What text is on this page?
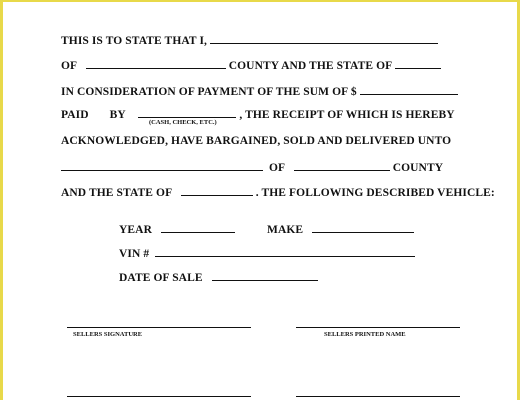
THIS IS TO STATE THAT I,
OF	COUNTY AND THE STATE OF
IN CONSIDERATION OF PAYMENT OF THE SUM OF $
PAID BY	, THE RECEIPT OF WHICH IS HEREBY
(CASH, CHECK, ETC.)
ACKNOWLEDGED, HAVE BARGAINED, SOLD AND DELIVERED UNTO
OF	COUNTY
AND THE STATE OF	. THE FOLLOWING DESCRIBED VEHICLE:
YEAR	MAKE
VIN #
DATE OF SALE
SELLERS SIGNATURE	SELLERS PRINTED NAME
